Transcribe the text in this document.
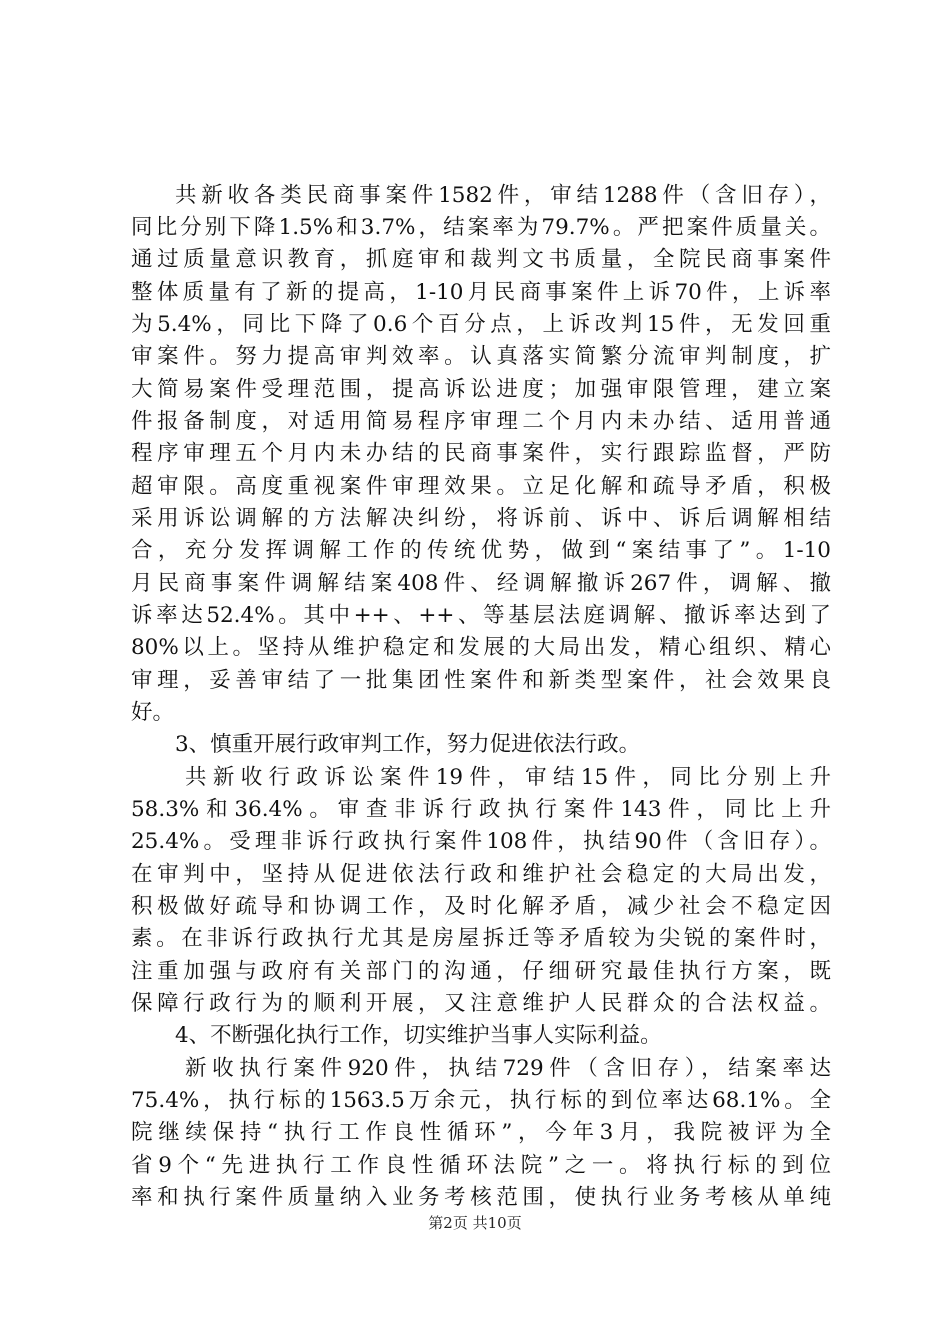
共新收各类民商事案件1582件，审结1288件（含旧存），
同比分别下降1.5%和3.7%，结案率为79.7%。严把案件质量关。
通过质量意识教育，抓庭审和裁判文书质量，全院民商事案件
整体质量有了新的提高，1-10月民商事案件上诉70件，上诉率
为5.4%，同比下降了0.6个百分点，上诉改判15件，无发回重
审案件。努力提高审判效率。认真落实简繁分流审判制度，扩
大简易案件受理范围，提高诉讼进度；加强审限管理，建立案
件报备制度，对适用简易程序审理二个月内未办结、适用普通
程序审理五个月内未办结的民商事案件，实行跟踪监督，严防
超审限。高度重视案件审理效果。立足化解和疏导矛盾，积极
采用诉讼调解的方法解决纠纷，将诉前、诉中、诉后调解相结
合，充分发挥调解工作的传统优势，做到“案结事了”。1-10
月民商事案件调解结案408件、经调解撤诉267件，调解、撤
诉率达52.4%。其中++、++、等基层法庭调解、撤诉率达到了
80%以上。坚持从维护稳定和发展的大局出发，精心组织、精心
审理，妥善审结了一批集团性案件和新类型案件，社会效果良
好。
3、慎重开展行政审判工作，努力促进依法行政。
共新收行政诉讼案件19件，审结15件，同比分别上升
58.3%和36.4%。审查非诉行政执行案件143件，同比上升
25.4%。受理非诉行政执行案件108件，执结90件（含旧存）。
在审判中，坚持从促进依法行政和维护社会稳定的大局出发，
积极做好疏导和协调工作，及时化解矛盾，减少社会不稳定因
素。在非诉行政执行尤其是房屋拆迁等矛盾较为尖锐的案件时，
注重加强与政府有关部门的沟通，仔细研究最佳执行方案，既
保障行政行为的顺利开展，又注意维护人民群众的合法权益。
4、不断强化执行工作，切实维护当事人实际利益。
新收执行案件920件，执结729件（含旧存），结案率达
75.4%，执行标的1563.5万余元，执行标的到位率达68.1%。全
院继续保持“执行工作良性循环”，今年3月，我院被评为全
省9个“先进执行工作良性循环法院”之一。将执行标的到位
率和执行案件质量纳入业务考核范围，使执行业务考核从单纯
第2页 共10页
